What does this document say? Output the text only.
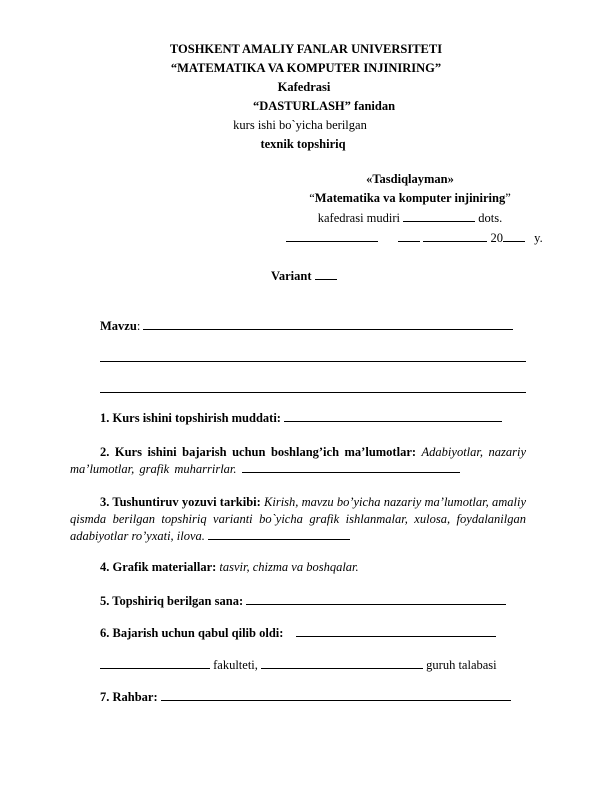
TOSHKENT AMALIY FANLAR UNIVERSITETI
“MATEMATIKA VA KOMPUTER INJINIRING”
Kafedrasi
“DASTURLASH” fanidan
kurs ishi bo`yicha berilgan
texnik topshiriq
«Tasdiqlayman»
“Matematika va komputer injiniring”
kafedrasi mudiri	dots.
20 y.
Variant
Mavzu:
1. Kurs ishini topshirish muddati:
2. Kurs ishini bajarish uchun boshlang’ich ma’lumotlar: Adabiyotlar, nazariy ma’lumotlar, grafik muharrirlar.
3. Tushuntiruv yozuvi tarkibi: Kirish, mavzu bo’yicha nazariy ma’lumotlar, amaliy qismda berilgan topshiriq varianti bo`yicha grafik ishlanmalar, xulosa, foydalanilgan adabiyotlar ro’yxati, ilova.
4. Grafik materiallar: tasvir, chizma va boshqalar.
5. Topshiriq berilgan sana:
6. Bajarish uchun qabul qilib oldi:
fakulteti,	guruh talabasi
7. Rahbar:
